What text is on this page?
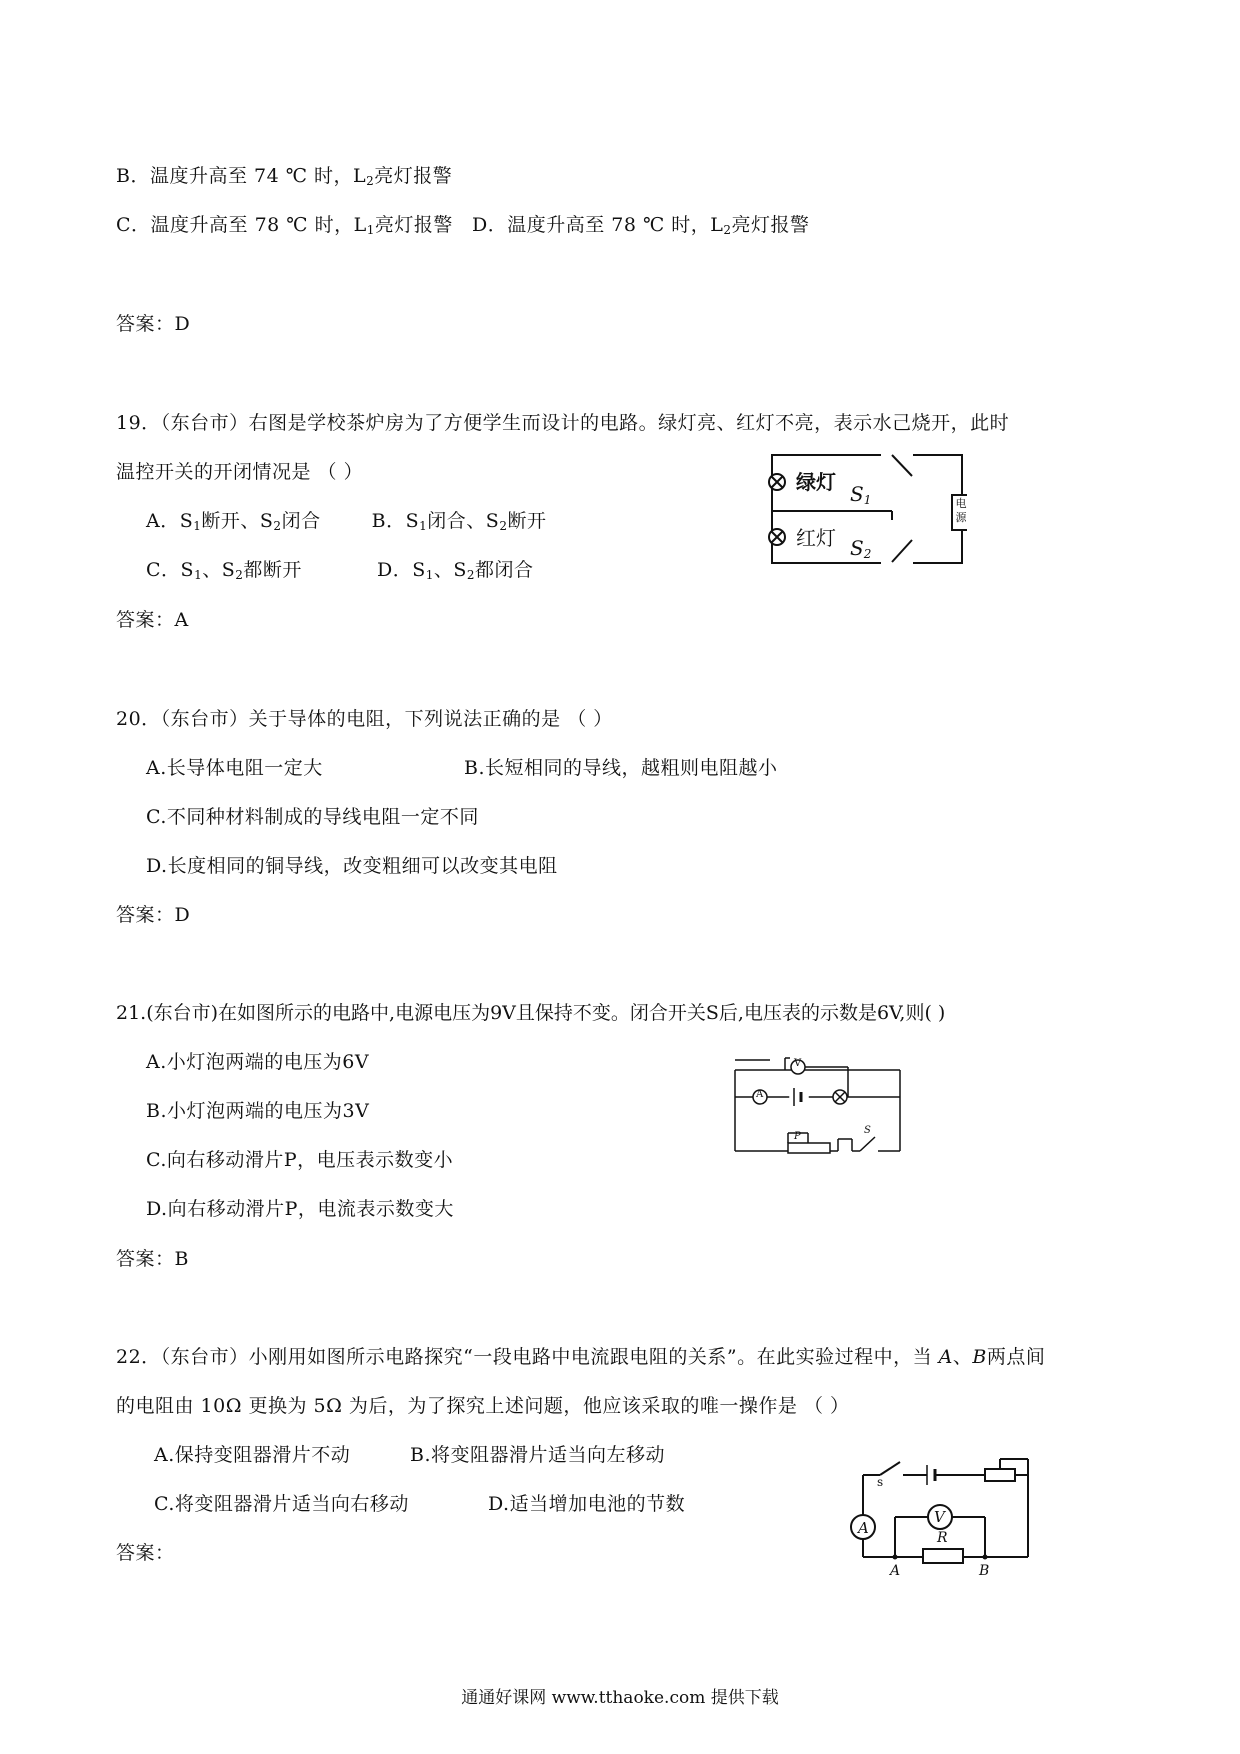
B．温度升高至 74 ℃ 时，$L_2$亮灯报警
C．温度升高至 78 ℃ 时，$L_1$亮灯报警 D．温度升高至 78 ℃ 时，$L_2$亮灯报警
答案：D
19．（东台市）右图是学校茶炉房为了方便学生而设计的电路。绿灯亮、红灯不亮，表示水己烧开，此时
温控开关的开闭情况是 （ ）
A．$S_1$断开、$S_2$闭合	B．$S_1$闭合、$S_2$断开
C．$S_1$、$S_2$都断开	D．$S_1$、$S_2$都闭合
答案：A
绿灯
红灯
$S_1$
$S_2$
电
源
20．（东台市）关于导体的电阻，下列说法正确的是 （ ）
A.长导体电阻一定大	B.长短相同的导线，越粗则电阻越小
C.不同种材料制成的导线电阻一定不同
D.长度相同的铜导线，改变粗细可以改变其电阻
答案：D
21.(东台市)在如图所示的电路中,电源电压为9V且保持不变。闭合开关S后,电压表的示数是6V,则( )
A.小灯泡两端的电压为6V
B.小灯泡两端的电压为3V
C.向右移动滑片P，电压表示数变小
D.向右移动滑片P，电流表示数变大
答案：B
V
A
P
S
22．（东台市）小刚用如图所示电路探究“一段电路中电流跟电阻的关系”。在此实验过程中，当 A、B两点间
的电阻由 10Ω 更换为 5Ω 为后，为了探究上述问题，他应该采取的唯一操作是 （ ）
A.保持变阻器滑片不动	B.将变阻器滑片适当向左移动
C.将变阻器滑片适当向右移动	D.适当增加电池的节数
答案：
s
A
V
R
A	B
通通好课网 www.tthaoke.com 提供下载
